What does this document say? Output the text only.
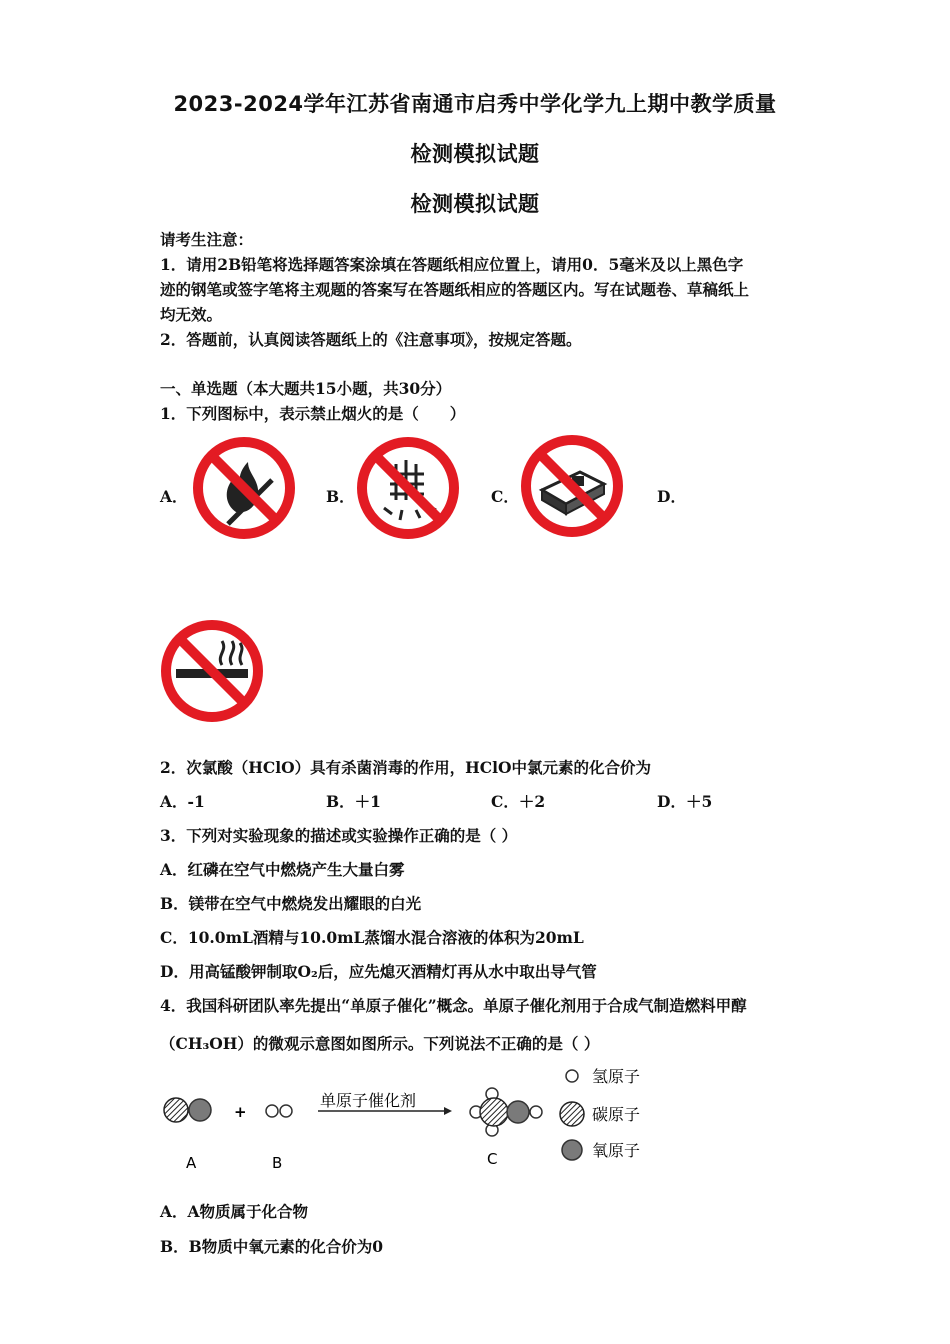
2023-2024学年江苏省南通市启秀中学化学九上期中教学质量
检测模拟试题
检测模拟试题
请考生注意：
1．请用2B铅笔将选择题答案涂填在答题纸相应位置上，请用0．5毫米及以上黑色字
迹的钢笔或签字笔将主观题的答案写在答题纸相应的答题区内。写在试题卷、草稿纸上
均无效。
2．答题前，认真阅读答题纸上的《注意事项》，按规定答题。
一、单选题（本大题共15小题，共30分）
1．下列图标中，表示禁止烟火的是（　　）
A．	B．	C．	D．
2．次氯酸（HClO）具有杀菌消毒的作用，HClO中氯元素的化合价为
A．-1	B．＋1	C．＋2	D．＋5
3．下列对实验现象的描述或实验操作正确的是（ ）
A．红磷在空气中燃烧产生大量白雾
B．镁带在空气中燃烧发出耀眼的白光
C．10.0mL酒精与10.0mL蒸馏水混合溶液的体积为20mL
D．用高锰酸钾制取O₂后，应先熄灭酒精灯再从水中取出导气管
4．我国科研团队率先提出“单原子催化”概念。单原子催化剂用于合成气制造燃料甲醇
（CH₃OH）的微观示意图如图所示。下列说法不正确的是（ ）
+
单原子催化剂
A	B	C
氢原子
碳原子
氧原子
A．A物质属于化合物
B．B物质中氧元素的化合价为0
